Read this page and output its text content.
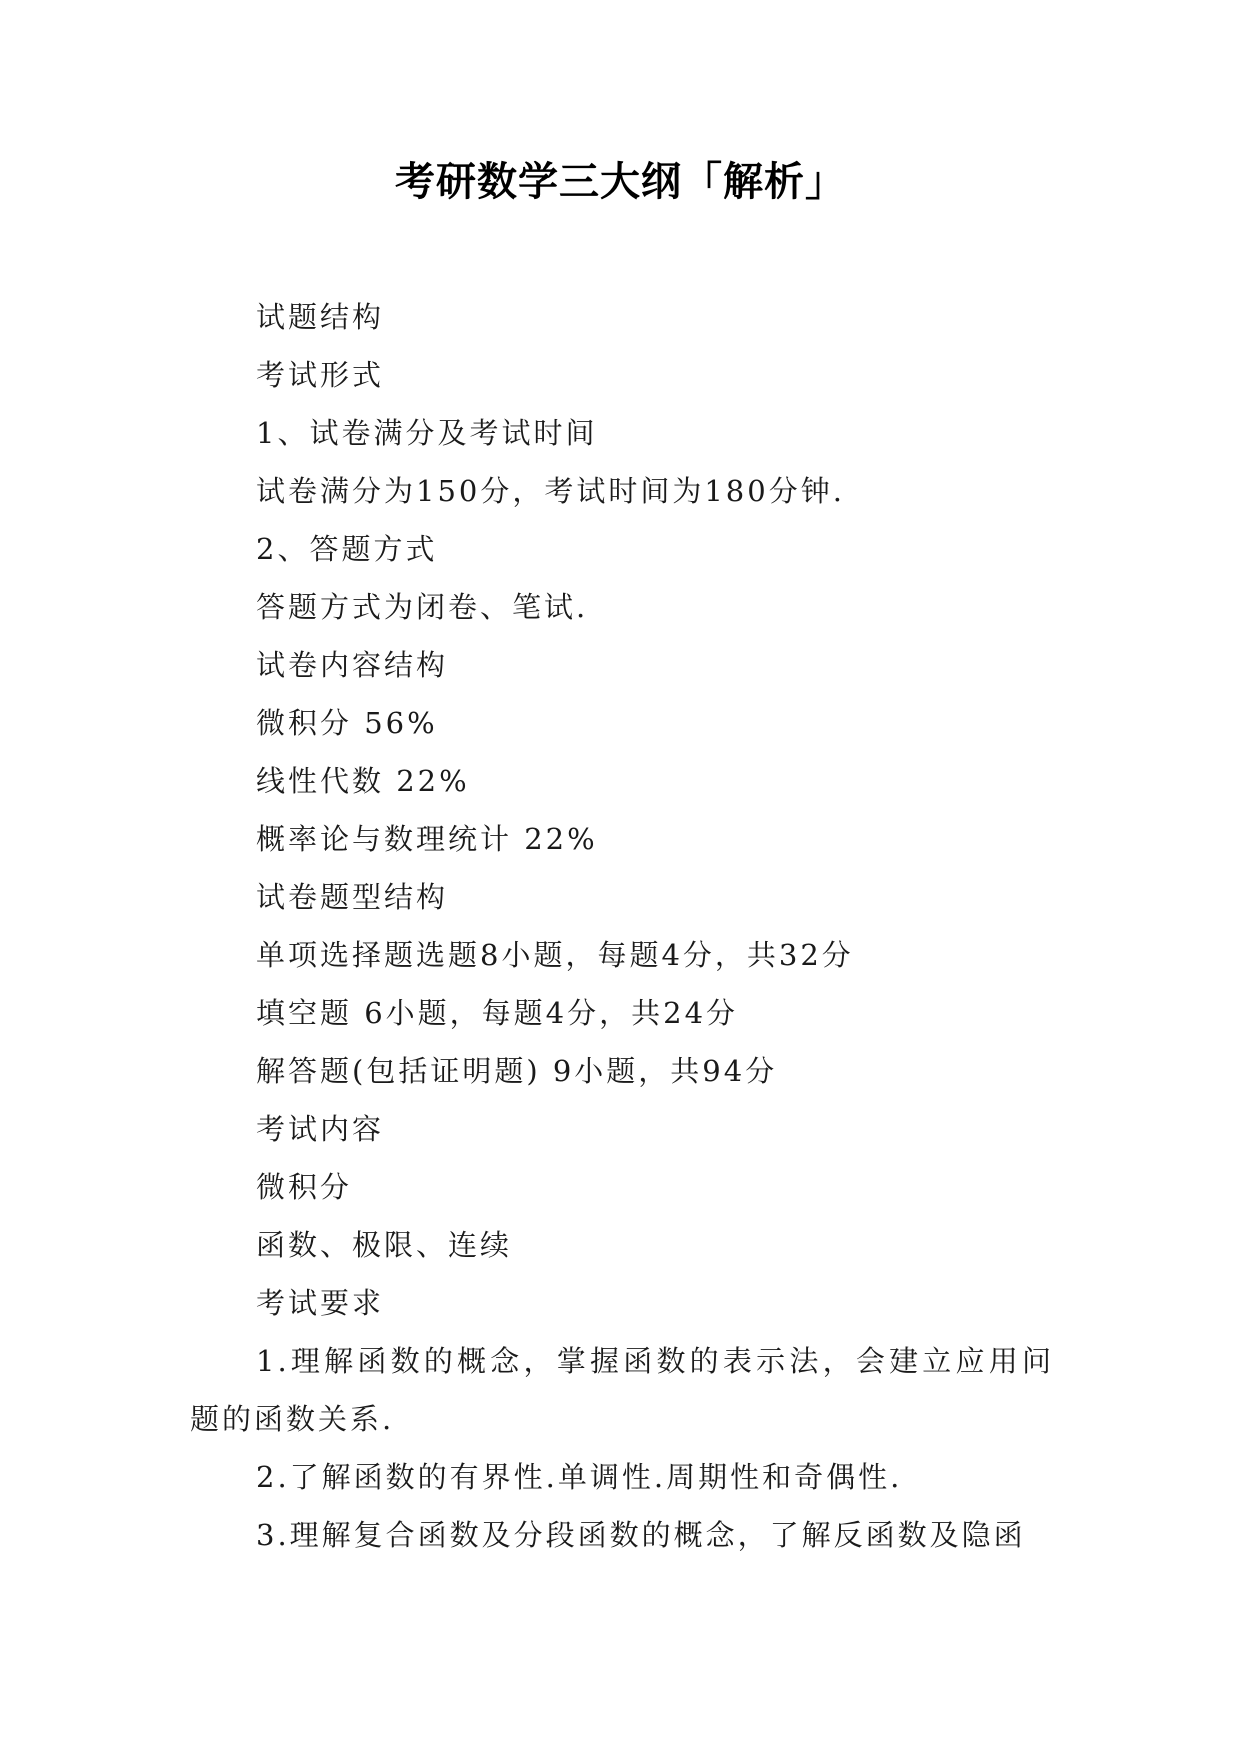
考研数学三大纲「解析」
试题结构
考试形式
1、试卷满分及考试时间
试卷满分为150分，考试时间为180分钟.
2、答题方式
答题方式为闭卷、笔试.
试卷内容结构
微积分 56%
线性代数 22%
概率论与数理统计 22%
试卷题型结构
单项选择题选题8小题，每题4分，共32分
填空题 6小题，每题4分，共24分
解答题(包括证明题) 9小题，共94分
考试内容
微积分
函数、极限、连续
考试要求
1.理解函数的概念，掌握函数的表示法，会建立应用问题的函数关系.
2.了解函数的有界性.单调性.周期性和奇偶性.
3.理解复合函数及分段函数的概念，了解反函数及隐函
